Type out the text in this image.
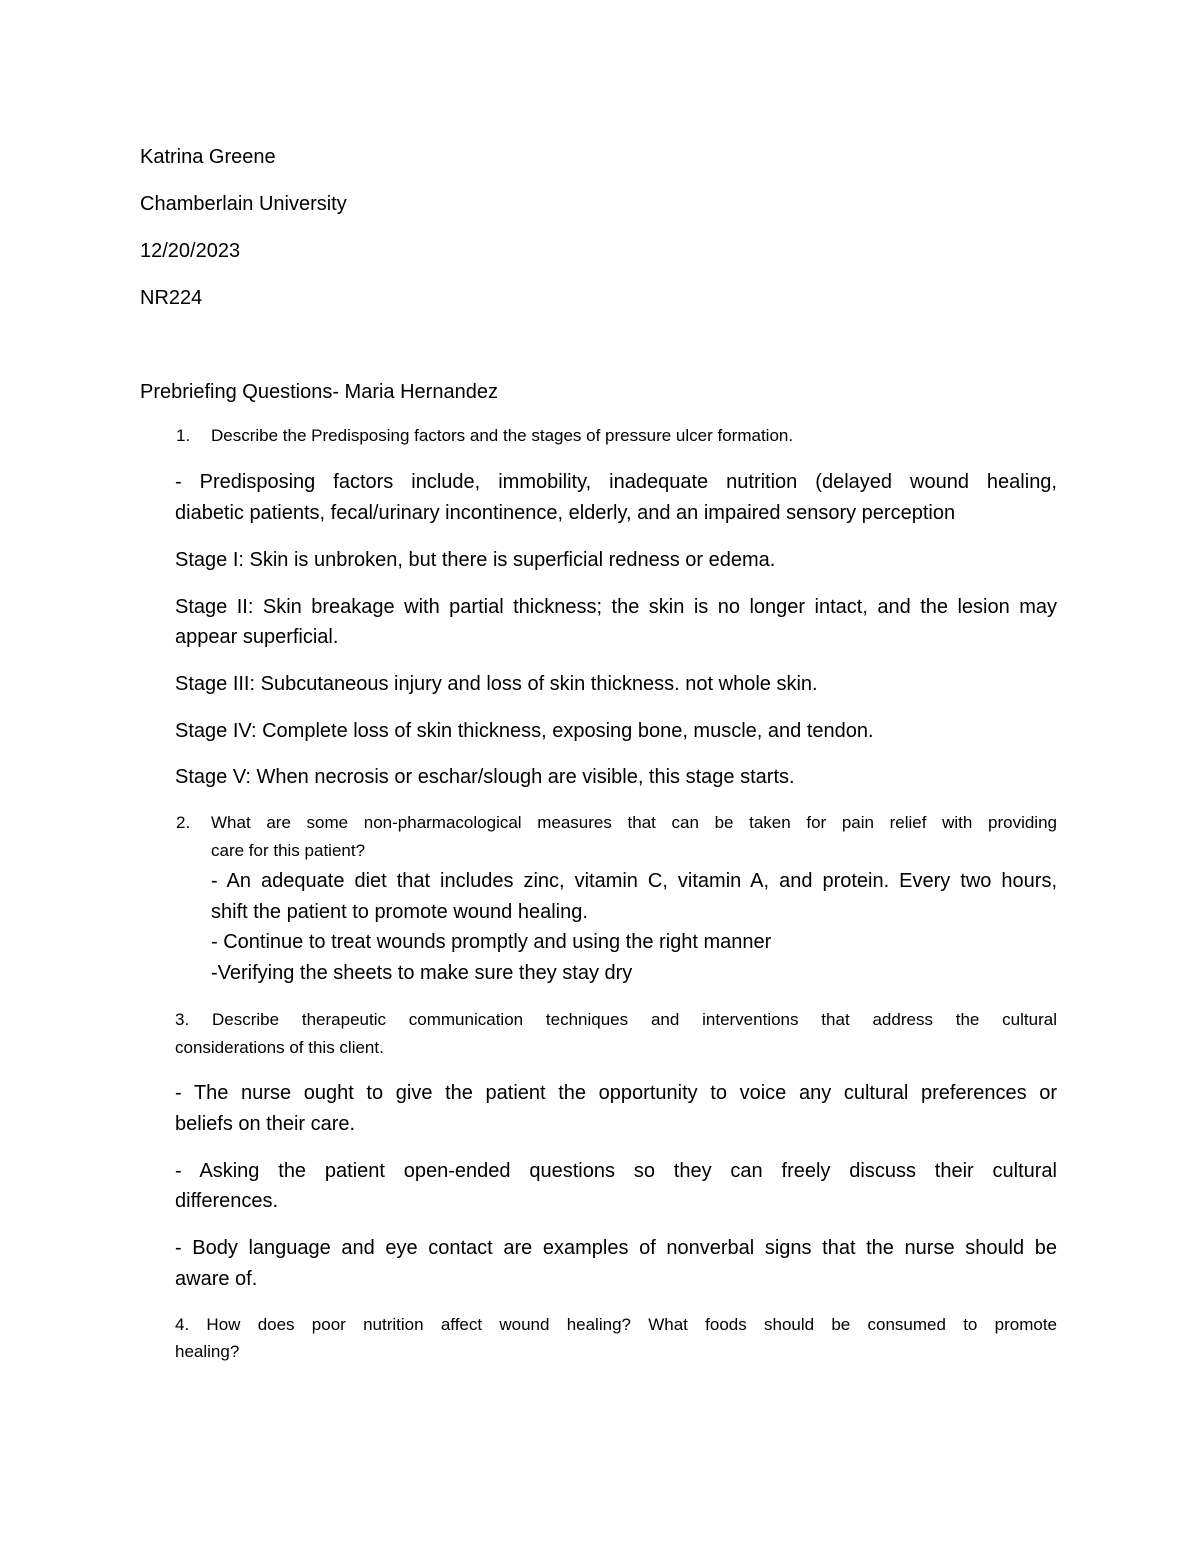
Katrina Greene

Chamberlain University

12/20/2023

NR224

Prebriefing Questions- Maria Hernandez

1. Describe the Predisposing factors and the stages of pressure ulcer formation.

- Predisposing factors include, immobility, inadequate nutrition (delayed wound healing,

diabetic patients, fecal/urinary incontinence, elderly, and an impaired sensory perception

Stage I: Skin is unbroken, but there is superficial redness or edema.

Stage II: Skin breakage with partial thickness; the skin is no longer intact, and the lesion may

appear superficial.

Stage III: Subcutaneous injury and loss of skin thickness. not whole skin.

Stage IV: Complete loss of skin thickness, exposing bone, muscle, and tendon.

Stage V: When necrosis or eschar/slough are visible, this stage starts.

2. What are some non-pharmacological measures that can be taken for pain relief with providing

care for this patient?

- An adequate diet that includes zinc, vitamin C, vitamin A, and protein. Every two hours,

shift the patient to promote wound healing.

- Continue to treat wounds promptly and using the right manner

-Verifying the sheets to make sure they stay dry

3. Describe therapeutic communication techniques and interventions that address the cultural

considerations of this client.

- The nurse ought to give the patient the opportunity to voice any cultural preferences or

beliefs on their care.

- Asking the patient open-ended questions so they can freely discuss their cultural

differences.

- Body language and eye contact are examples of nonverbal signs that the nurse should be

aware of.

4. How does poor nutrition affect wound healing? What foods should be consumed to promote

healing?
